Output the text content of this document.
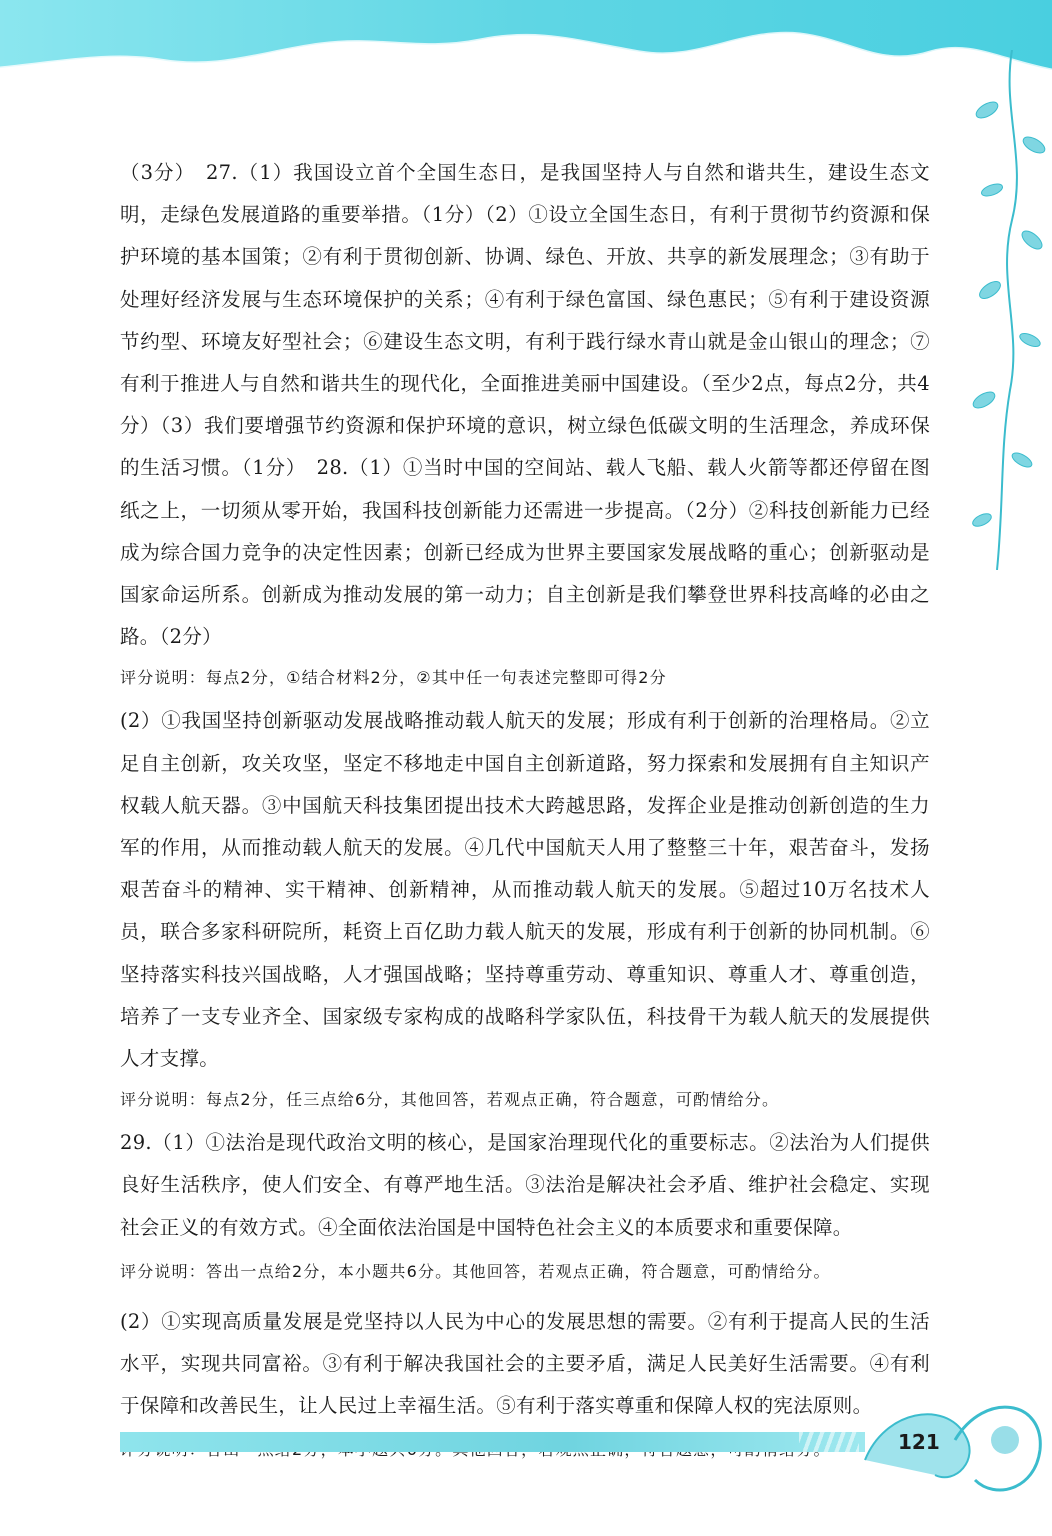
（3分）　27.（1）我国设立首个全国生态日，是我国坚持人与自然和谐共生，建设生态文明，走绿色发展道路的重要举措。（1分）（2）①设立全国生态日，有利于贯彻节约资源和保护环境的基本国策；②有利于贯彻创新、协调、绿色、开放、共享的新发展理念；③有助于处理好经济发展与生态环境保护的关系；④有利于绿色富国、绿色惠民；⑤有利于建设资源节约型、环境友好型社会；⑥建设生态文明，有利于践行绿水青山就是金山银山的理念；⑦有利于推进人与自然和谐共生的现代化，全面推进美丽中国建设。（至少2点，每点2分，共4分）（3）我们要增强节约资源和保护环境的意识，树立绿色低碳文明的生活理念，养成环保的生活习惯。（1分）　28.（1）①当时中国的空间站、载人飞船、载人火箭等都还停留在图纸之上，一切须从零开始，我国科技创新能力还需进一步提高。（2分）②科技创新能力已经成为综合国力竞争的决定性因素；创新已经成为世界主要国家发展战略的重心；创新驱动是国家命运所系。创新成为推动发展的第一动力；自主创新是我们攀登世界科技高峰的必由之路。（2分）

评分说明：每点2分，①结合材料2分，②其中任一句表述完整即可得2分

(2）①我国坚持创新驱动发展战略推动载人航天的发展；形成有利于创新的治理格局。②立足自主创新，攻关攻坚，坚定不移地走中国自主创新道路，努力探索和发展拥有自主知识产权载人航天器。③中国航天科技集团提出技术大跨越思路，发挥企业是推动创新创造的生力军的作用，从而推动载人航天的发展。④几代中国航天人用了整整三十年，艰苦奋斗，发扬艰苦奋斗的精神、实干精神、创新精神，从而推动载人航天的发展。⑤超过10万名技术人员，联合多家科研院所，耗资上百亿助力载人航天的发展，形成有利于创新的协同机制。⑥坚持落实科技兴国战略，人才强国战略；坚持尊重劳动、尊重知识、尊重人才、尊重创造，培养了一支专业齐全、国家级专家构成的战略科学家队伍，科技骨干为载人航天的发展提供人才支撑。

评分说明：每点2分，任三点给6分，其他回答，若观点正确，符合题意，可酌情给分。

29.（1）①法治是现代政治文明的核心，是国家治理现代化的重要标志。②法治为人们提供良好生活秩序，使人们安全、有尊严地生活。③法治是解决社会矛盾、维护社会稳定、实现社会正义的有效方式。④全面依法治国是中国特色社会主义的本质要求和重要保障。

评分说明：答出一点给2分，本小题共6分。其他回答，若观点正确，符合题意，可酌情给分。

(2）①实现高质量发展是党坚持以人民为中心的发展思想的需要。②有利于提高人民的生活水平，实现共同富裕。③有利于解决我国社会的主要矛盾，满足人民美好生活需要。④有利于保障和改善民生，让人民过上幸福生活。⑤有利于落实尊重和保障人权的宪法原则。

121
